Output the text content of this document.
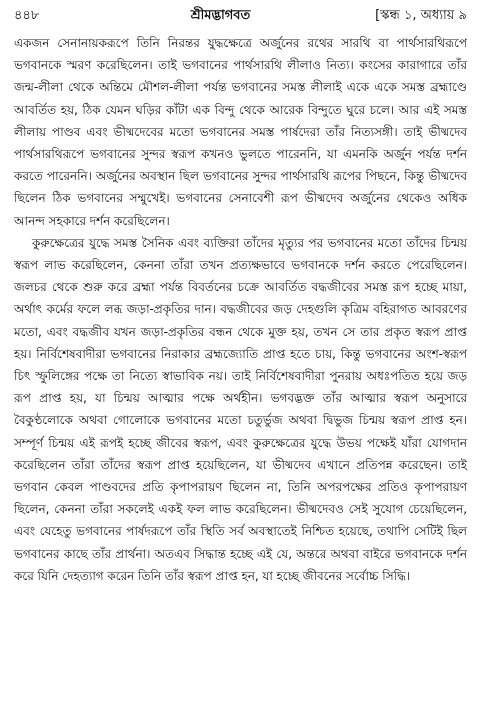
৪৪৮	শ্রীমদ্ভাগবত	[স্কন্ধ ১, অধ্যায় ৯

একজন সেনানায়করূপে তিনি নিরন্তর যুদ্ধক্ষেত্রে অর্জুনের রথের সারথি বা পার্থসারথিরূপে ভগবানকে স্মরণ করেছিলেন। তাই ভগবানের পার্থসারথি লীলাও নিত্য। কংসের কারাগারে তাঁর জন্ম-লীলা থেকে অন্তিমে মৌশল-লীলা পর্যন্ত ভগবানের সমস্ত লীলাই একে একে সমস্ত ব্রহ্মাণ্ডে আবর্তিত হয়, ঠিক যেমন ঘড়ির কাঁটা এক বিন্দু থেকে আরেক বিন্দুতে ঘুরে চলে। আর এই সমস্ত লীলায় পাণ্ডব এবং ভীষ্মদেবের মতো ভগবানের সমস্ত পার্ষদেরা তাঁর নিত্যসঙ্গী। তাই ভীষ্মদেব পার্থসারথিরূপে ভগবানের সুন্দর স্বরূপ কখনও ভুলতে পারেননি, যা এমনকি অর্জুন পর্যন্ত দর্শন করতে পারেননি। অর্জুনের অবস্থান ছিল ভগবানের সুন্দর পার্থসারথি রূপের পিছনে, কিন্তু ভীষ্মদেব ছিলেন ঠিক ভগবানের সম্মুখেই। ভগবানের সেনাবেশী রূপ ভীষ্মদেব অর্জুনের থেকেও অধিক আনন্দ সহকারে দর্শন করেছিলেন।

কুরুক্ষেত্রের যুদ্ধে সমস্ত সৈনিক এবং ব্যক্তিরা তাঁদের মৃত্যুর পর ভগবানের মতো তাঁদের চিন্ময় স্বরূপ লাভ করেছিলেন, কেননা তাঁরা তখন প্রত্যক্ষভাবে ভগবানকে দর্শন করতে পেরেছিলেন। জলচর থেকে শুরু করে ব্রহ্মা পর্যন্ত বিবর্তনের চক্রে আবর্তিত বদ্ধজীবের সমস্ত রূপ হচ্ছে মায়া, অর্থাৎ কর্মের ফলে লব্ধ জড়া-প্রকৃতির দান। বদ্ধজীবের জড় দেহগুলি কৃত্রিম বহিরাগত আবরণের মতো, এবং বদ্ধজীব যখন জড়া-প্রকৃতির বন্ধন থেকে মুক্ত হয়, তখন সে তার প্রকৃত স্বরূপ প্রাপ্ত হয়। নির্বিশেষবাদীরা ভগবানের নিরাকার ব্রহ্মজ্যোতি প্রাপ্ত হতে চায়, কিন্তু ভগবানের অংশ-স্বরূপ চিৎ স্ফুলিঙ্গের পক্ষে তা নিত্যে স্বাভাবিক নয়। তাই নির্বিশেষবাদীরা পুনরায় অধঃপতিত হয়ে জড় রূপ প্রাপ্ত হয়, যা চিন্ময় আত্মার পক্ষে অর্থহীন। ভগবদ্ভক্ত তাঁর আত্মার স্বরূপ অনুসারে বৈকুণ্ঠলোকে অথবা গোলোকে ভগবানের মতো চতুর্ভুজ অথবা দ্বিভুজ চিন্ময় স্বরূপ প্রাপ্ত হন। সম্পূর্ণ চিন্ময় এই রূপই হচ্ছে জীবের স্বরূপ, এবং কুরুক্ষেত্রের যুদ্ধে উভয় পক্ষেই যাঁরা যোগদান করেছিলেন তাঁরা তাঁদের স্বরূপ প্রাপ্ত হয়েছিলেন, যা ভীষ্মদেব এখানে প্রতিপন্ন করেছেন। তাই ভগবান কেবল পাণ্ডবদের প্রতি কৃপাপরায়ণ ছিলেন না, তিনি অপরপক্ষের প্রতিও কৃপাপরায়ণ ছিলেন, কেননা তাঁরা সকলেই একই ফল লাভ করেছিলেন। ভীষ্মদেবও সেই সুযোগ চেয়েছিলেন, এবং যেহেতু ভগবানের পার্ষদরূপে তাঁর স্থিতি সর্ব অবস্থাতেই নিশ্চিত হয়েছে, তথাপি সেটিই ছিল ভগবানের কাছে তাঁর প্রার্থনা। অতএব সিদ্ধান্ত হচ্ছে এই যে, অন্তরে অথবা বাইরে ভগবানকে দর্শন করে যিনি দেহত্যাগ করেন তিনি তাঁর স্বরূপ প্রাপ্ত হন, যা হচ্ছে জীবনের সর্বোচ্চ সিদ্ধি।
